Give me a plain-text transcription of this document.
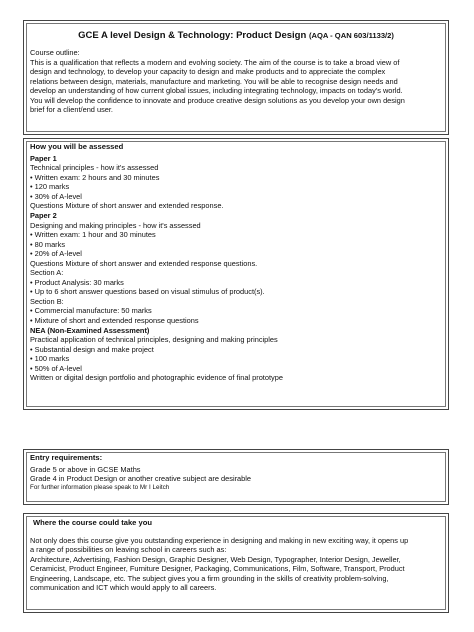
GCE A level Design & Technology: Product Design (AQA - QAN 603/1133/2)
Course outline:
This is a qualification that reflects a modern and evolving society. The aim of the course is to take a broad view of
design and technology, to develop your capacity to design and make products and to appreciate the complex
relations between design, materials, manufacture and marketing. You will be able to recognise design needs and
develop an understanding of how current global issues, including integrating technology, impacts on today's world.
You will develop the confidence to innovate and produce creative design solutions as you develop your own design
brief for a client/end user.
How you will be assessed
Paper 1
Technical principles - how it's assessed
• Written exam: 2 hours and 30 minutes
• 120 marks
• 30% of A-level
Questions Mixture of short answer and extended response.
Paper 2
Designing and making principles - how it's assessed
• Written exam: 1 hour and 30 minutes
• 80 marks
• 20% of A-level
Questions Mixture of short answer and extended response questions.
Section A:
• Product Analysis: 30 marks
• Up to 6 short answer questions based on visual stimulus of product(s).
Section B:
• Commercial manufacture: 50 marks
• Mixture of short and extended response questions
NEA (Non-Examined Assessment)
Practical application of technical principles, designing and making principles
• Substantial design and make project
• 100 marks
• 50% of A-level
Written or digital design portfolio and photographic evidence of final prototype
Entry requirements:
Grade 5 or above in GCSE Maths
Grade 4 in Product Design or another creative subject are desirable
For further information please speak to Mr I Leitch
Where the course could take you
Not only does this course give you outstanding experience in designing and making in new exciting way, it opens up
a range of possibilities on leaving school in careers such as:
Architecture, Advertising, Fashion Design, Graphic Designer, Web Design, Typographer, Interior Design, Jeweller,
Ceramicist, Product Engineer, Furniture Designer, Packaging, Communications, Film, Software, Transport, Product
Engineering, Landscape, etc. The subject gives you a firm grounding in the skills of creativity problem-solving,
communication and ICT which would apply to all careers.
